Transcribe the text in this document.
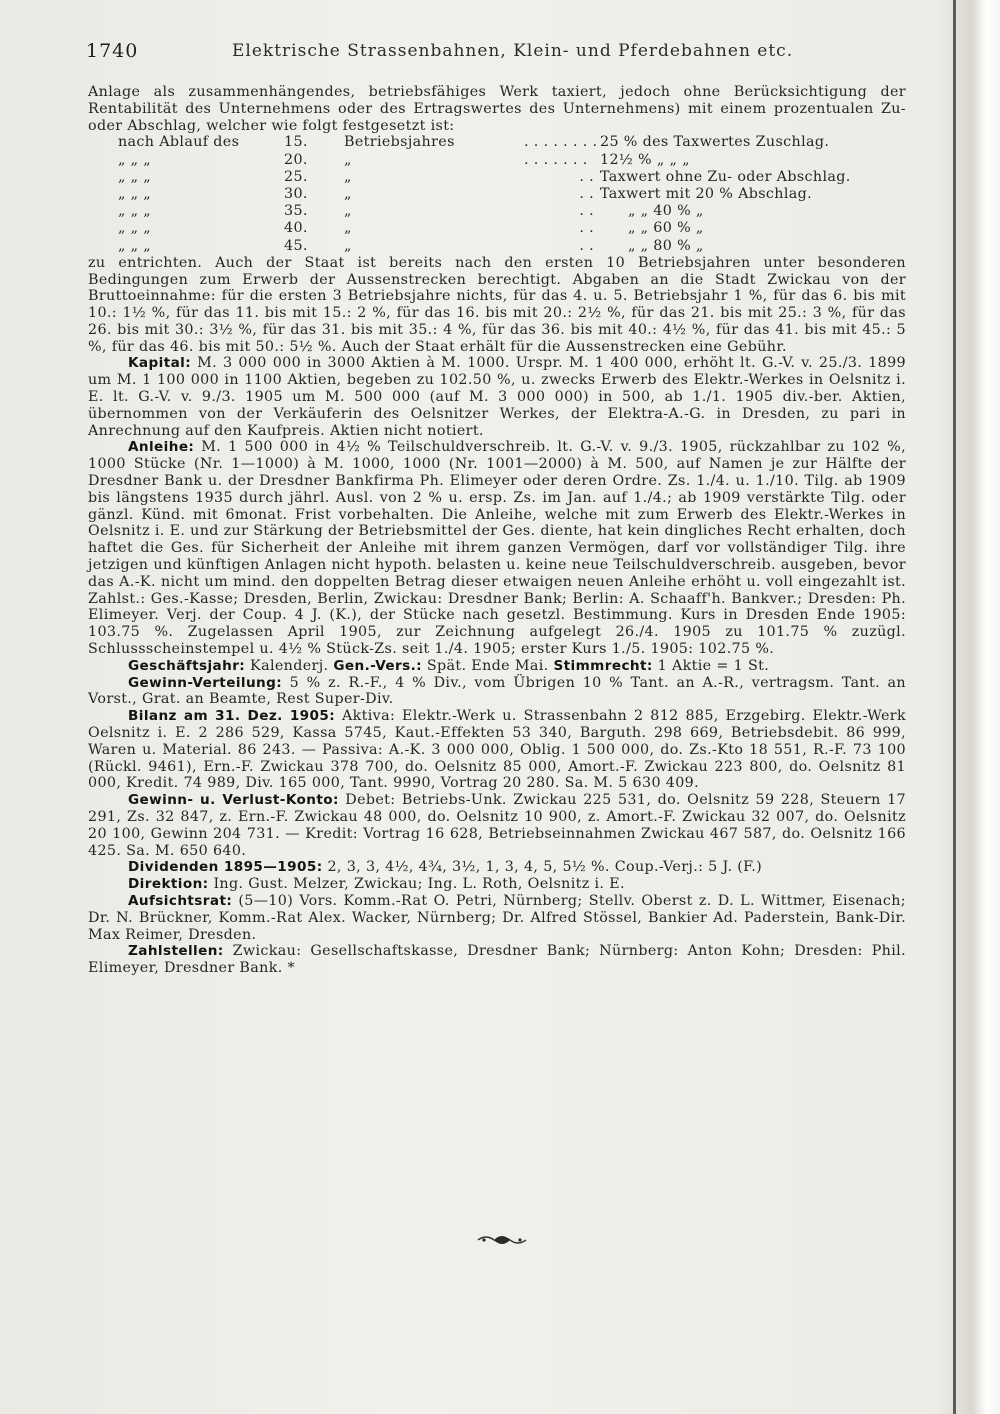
1740	Elektrische Strassenbahnen, Klein- und Pferdebahnen etc.

Anlage als zusammenhängendes, betriebsfähiges Werk taxiert, jedoch ohne Berücksichtigung der Rentabilität des Unternehmens oder des Ertragswertes des Unternehmens) mit einem prozentualen Zu- oder Abschlag, welcher wie folgt festgesetzt ist:

nach Ablauf des	15.	Betriebsjahres	. . . . . . . . 25 % des Taxwertes Zuschlag.
„ „ „	20.	„	. . . . . . . 12½ % „ „ „
„ „ „	25.	„	. . Taxwert ohne Zu- oder Abschlag.
„ „ „	30.	„	. . Taxwert mit 20 % Abschlag.
„ „ „	35.	„	. .	„ „ 40 % „
„ „ „	40.	„	. .	„ „ 60 % „
„ „ „	45.	„	. .	„ „ 80 % „

zu entrichten. Auch der Staat ist bereits nach den ersten 10 Betriebsjahren unter besonderen Bedingungen zum Erwerb der Aussenstrecken berechtigt. Abgaben an die Stadt Zwickau von der Bruttoeinnahme: für die ersten 3 Betriebsjahre nichts, für das 4. u. 5. Betriebsjahr 1 %, für das 6. bis mit 10.: 1½ %, für das 11. bis mit 15.: 2 %, für das 16. bis mit 20.: 2½ %, für das 21. bis mit 25.: 3 %, für das 26. bis mit 30.: 3½ %, für das 31. bis mit 35.: 4 %, für das 36. bis mit 40.: 4½ %, für das 41. bis mit 45.: 5 %, für das 46. bis mit 50.: 5½ %. Auch der Staat erhält für die Aussenstrecken eine Gebühr.

Kapital: M. 3 000 000 in 3000 Aktien à M. 1000. Urspr. M. 1 400 000, erhöht lt. G.-V. v. 25./3. 1899 um M. 1 100 000 in 1100 Aktien, begeben zu 102.50 %, u. zwecks Erwerb des Elektr.-Werkes in Oelsnitz i. E. lt. G.-V. v. 9./3. 1905 um M. 500 000 (auf M. 3 000 000) in 500, ab 1./1. 1905 div.-ber. Aktien, übernommen von der Verkäuferin des Oelsnitzer Werkes, der Elektra-A.-G. in Dresden, zu pari in Anrechnung auf den Kaufpreis. Aktien nicht notiert.

Anleihe: M. 1 500 000 in 4½ % Teilschuldverschreib. lt. G.-V. v. 9./3. 1905, rückzahlbar zu 102 %, 1000 Stücke (Nr. 1—1000) à M. 1000, 1000 (Nr. 1001—2000) à M. 500, auf Namen je zur Hälfte der Dresdner Bank u. der Dresdner Bankfirma Ph. Elimeyer oder deren Ordre. Zs. 1./4. u. 1./10. Tilg. ab 1909 bis längstens 1935 durch jährl. Ausl. von 2 % u. ersp. Zs. im Jan. auf 1./4.; ab 1909 verstärkte Tilg. oder gänzl. Künd. mit 6monat. Frist vorbehalten. Die Anleihe, welche mit zum Erwerb des Elektr.-Werkes in Oelsnitz i. E. und zur Stärkung der Betriebsmittel der Ges. diente, hat kein dingliches Recht erhalten, doch haftet die Ges. für Sicherheit der Anleihe mit ihrem ganzen Vermögen, darf vor vollständiger Tilg. ihre jetzigen und künftigen Anlagen nicht hypoth. belasten u. keine neue Teilschuldverschreib. ausgeben, bevor das A.-K. nicht um mind. den doppelten Betrag dieser etwaigen neuen Anleihe erhöht u. voll eingezahlt ist. Zahlst.: Ges.-Kasse; Dresden, Berlin, Zwickau: Dresdner Bank; Berlin: A. Schaaff'h. Bankver.; Dresden: Ph. Elimeyer. Verj. der Coup. 4 J. (K.), der Stücke nach gesetzl. Bestimmung. Kurs in Dresden Ende 1905: 103.75 %. Zugelassen April 1905, zur Zeichnung aufgelegt 26./4. 1905 zu 101.75 % zuzügl. Schlussscheinstempel u. 4½ % Stück-Zs. seit 1./4. 1905; erster Kurs 1./5. 1905: 102.75 %.

Geschäftsjahr: Kalenderj. Gen.-Vers.: Spät. Ende Mai. Stimmrecht: 1 Aktie = 1 St.

Gewinn-Verteilung: 5 % z. R.-F., 4 % Div., vom Übrigen 10 % Tant. an A.-R., vertragsm. Tant. an Vorst., Grat. an Beamte, Rest Super-Div.

Bilanz am 31. Dez. 1905: Aktiva: Elektr.-Werk u. Strassenbahn 2 812 885, Erzgebirg. Elektr.-Werk Oelsnitz i. E. 2 286 529, Kassa 5745, Kaut.-Effekten 53 340, Barguth. 298 669, Betriebsdebit. 86 999, Waren u. Material. 86 243. — Passiva: A.-K. 3 000 000, Oblig. 1 500 000, do. Zs.-Kto 18 551, R.-F. 73 100 (Rückl. 9461), Ern.-F. Zwickau 378 700, do. Oelsnitz 85 000, Amort.-F. Zwickau 223 800, do. Oelsnitz 81 000, Kredit. 74 989, Div. 165 000, Tant. 9990, Vortrag 20 280. Sa. M. 5 630 409.

Gewinn- u. Verlust-Konto: Debet: Betriebs-Unk. Zwickau 225 531, do. Oelsnitz 59 228, Steuern 17 291, Zs. 32 847, z. Ern.-F. Zwickau 48 000, do. Oelsnitz 10 900, z. Amort.-F. Zwickau 32 007, do. Oelsnitz 20 100, Gewinn 204 731. — Kredit: Vortrag 16 628, Betriebseinnahmen Zwickau 467 587, do. Oelsnitz 166 425. Sa. M. 650 640.

Dividenden 1895—1905: 2, 3, 3, 4½, 4¾, 3½, 1, 3, 4, 5, 5½ %. Coup.-Verj.: 5 J. (F.)

Direktion: Ing. Gust. Melzer, Zwickau; Ing. L. Roth, Oelsnitz i. E.

Aufsichtsrat: (5—10) Vors. Komm.-Rat O. Petri, Nürnberg; Stellv. Oberst z. D. L. Wittmer, Eisenach; Dr. N. Brückner, Komm.-Rat Alex. Wacker, Nürnberg; Dr. Alfred Stössel, Bankier Ad. Paderstein, Bank-Dir. Max Reimer, Dresden.

Zahlstellen: Zwickau: Gesellschaftskasse, Dresdner Bank; Nürnberg: Anton Kohn; Dresden: Phil. Elimeyer, Dresdner Bank. *
